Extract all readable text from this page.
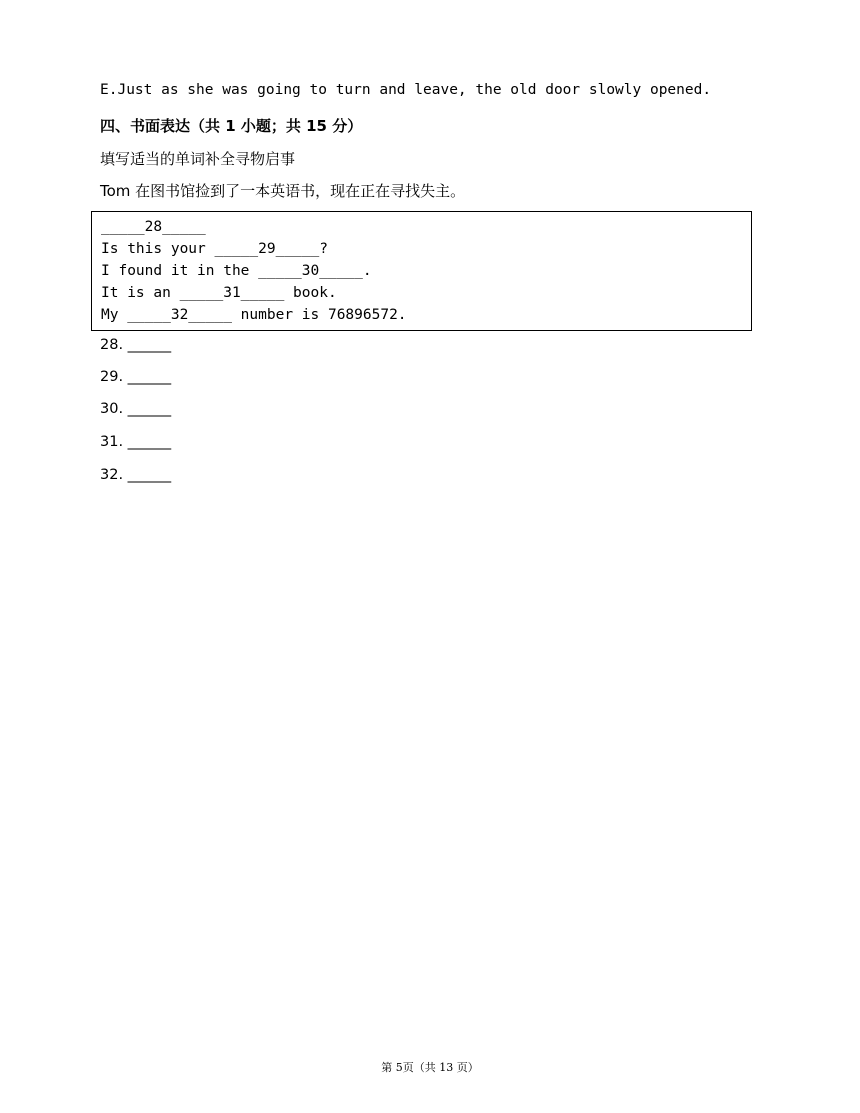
E.Just as she was going to turn and leave, the old door slowly opened.
四、书面表达（共 1 小题；共 15 分）
填写适当的单词补全寻物启事
Tom 在图书馆捡到了一本英语书，现在正在寻找失主。
_____28_____
Is this your _____29_____?
I found it in the _____30_____.
It is an _____31_____ book.
My _____32_____ number is 76896572.
28. ______
29. ______
30. ______
31. ______
32. ______
第 5页（共 13 页）
